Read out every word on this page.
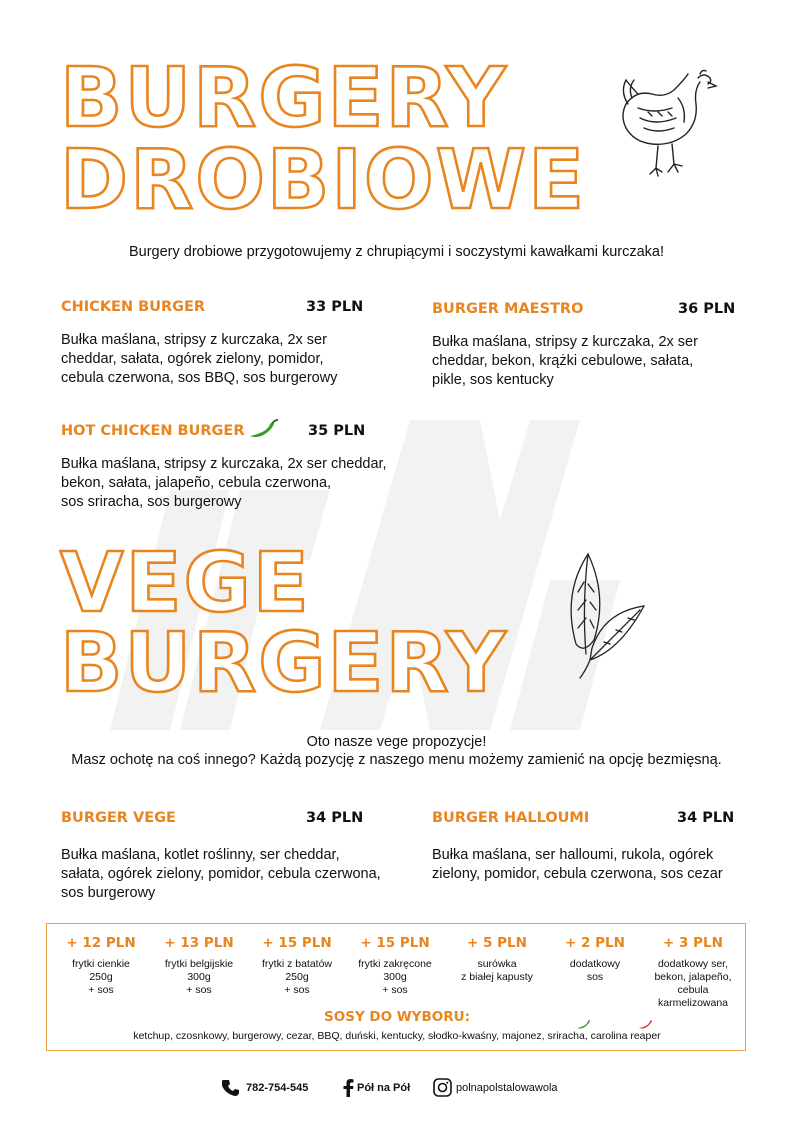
BURGERY
DROBIOWE
Burgery drobiowe przygotowujemy z chrupiącymi i soczystymi kawałkami kurczaka!
CHICKEN BURGER	33 PLN
Bułka maślana, stripsy z kurczaka, 2x ser
cheddar, sałata, ogórek zielony, pomidor,
cebula czerwona, sos BBQ, sos burgerowy
BURGER MAESTRO	36 PLN
Bułka maślana, stripsy z kurczaka, 2x ser
cheddar, bekon, krążki cebulowe, sałata,
pikle, sos kentucky
HOT CHICKEN BURGER	35 PLN
Bułka maślana, stripsy z kurczaka, 2x ser cheddar,
bekon, sałata, jalapeño, cebula czerwona,
sos sriracha, sos burgerowy
VEGE
BURGERY
Oto nasze vege propozycje!
Masz ochotę na coś innego? Każdą pozycję z naszego menu możemy zamienić na opcję bezmięsną.
BURGER VEGE	34 PLN
Bułka maślana, kotlet roślinny, ser cheddar,
sałata, ogórek zielony, pomidor, cebula czerwona,
sos burgerowy
BURGER HALLOUMI	34 PLN
Bułka maślana, ser halloumi, rukola, ogórek
zielony, pomidor, cebula czerwona, sos cezar
+ 12 PLN
frytki cienkie
250g
+ sos
+ 13 PLN
frytki belgijskie
300g
+ sos
+ 15 PLN
frytki z batatów
250g
+ sos
+ 15 PLN
frytki zakręcone
300g
+ sos
+ 5 PLN
surówka
z białej kapusty
+ 2 PLN
dodatkowy
sos
+ 3 PLN
dodatkowy ser,
bekon, jalapeño,
cebula
karmelizowana
SOSY DO WYBORU:
ketchup, czosnkowy, burgerowy, cezar, BBQ, duński, kentucky, słodko-kwaśny, majonez, sriracha, carolina reaper
782-754-545	Pół na Pół	polnapolstalowawola
